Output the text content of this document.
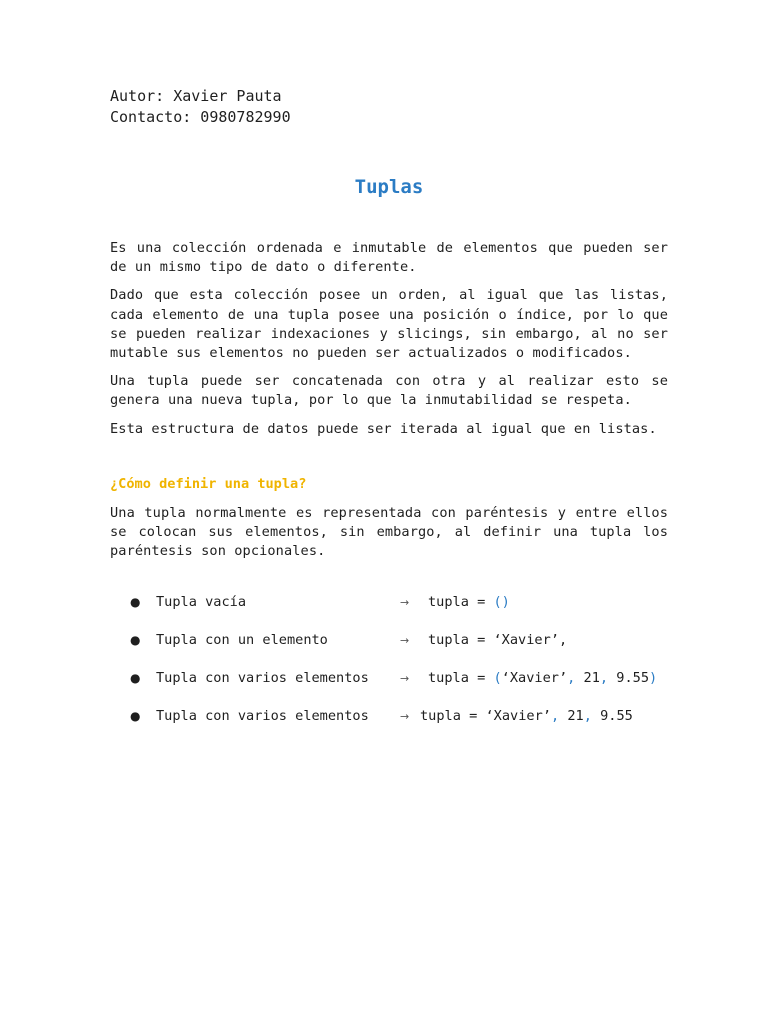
Autor: Xavier Pauta

Contacto: 0980782990

Tuplas

Es una colección ordenada e inmutable de elementos que pueden ser de un mismo tipo de dato o diferente.

Dado que esta colección posee un orden, al igual que las listas, cada elemento de una tupla posee una posición o índice, por lo que se pueden realizar indexaciones y slicings, sin embargo, al no ser mutable sus elementos no pueden ser actualizados o modificados.

Una tupla puede ser concatenada con otra y al realizar esto se genera una nueva tupla, por lo que la inmutabilidad se respeta.

Esta estructura de datos puede ser iterada al igual que en listas.

¿Cómo definir una tupla?

Una tupla normalmente es representada con paréntesis y entre ellos se colocan sus elementos, sin embargo, al definir una tupla los paréntesis son opcionales.

●

Tupla vacía

	→

tupla = ()

●

Tupla con un elemento

	→

tupla = ‘Xavier’,

●

Tupla con varios elementos

	→

tupla = (‘Xavier’, 21, 9.55)

●

Tupla con varios elementos

	→

tupla = ‘Xavier’, 21, 9.55
